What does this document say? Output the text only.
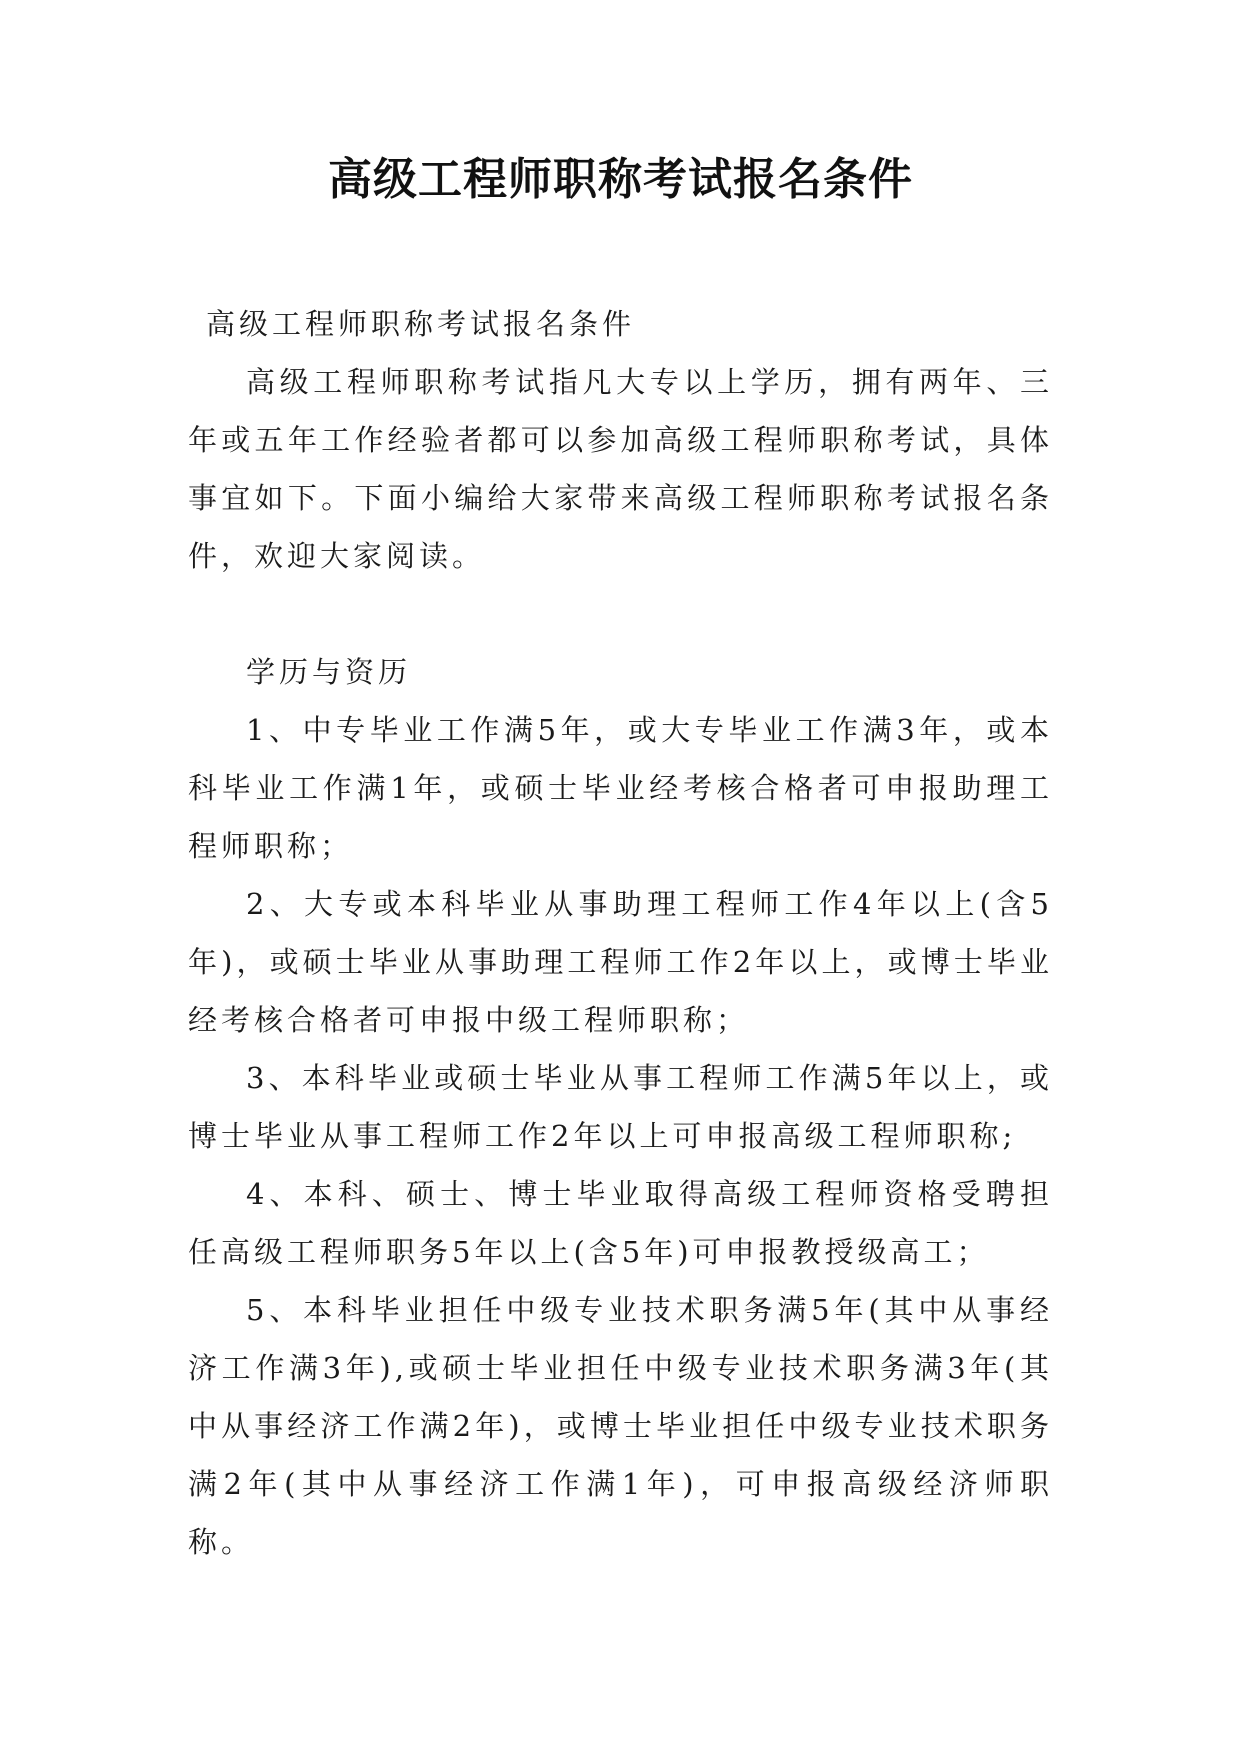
高级工程师职称考试报名条件

高级工程师职称考试报名条件

高级工程师职称考试指凡大专以上学历，拥有两年、三年或五年工作经验者都可以参加高级工程师职称考试，具体事宜如下。下面小编给大家带来高级工程师职称考试报名条件，欢迎大家阅读。

学历与资历

1、中专毕业工作满5年，或大专毕业工作满3年，或本科毕业工作满1年，或硕士毕业经考核合格者可申报助理工程师职称；

2、大专或本科毕业从事助理工程师工作4年以上(含5年)，或硕士毕业从事助理工程师工作2年以上，或博士毕业经考核合格者可申报中级工程师职称；

3、本科毕业或硕士毕业从事工程师工作满5年以上，或博士毕业从事工程师工作2年以上可申报高级工程师职称;

4、本科、硕士、博士毕业取得高级工程师资格受聘担任高级工程师职务5年以上(含5年)可申报教授级高工；

5、本科毕业担任中级专业技术职务满5年(其中从事经济工作满3年),或硕士毕业担任中级专业技术职务满3年(其中从事经济工作满2年)，或博士毕业担任中级专业技术职务满2年(其中从事经济工作满1年)，可申报高级经济师职称。
